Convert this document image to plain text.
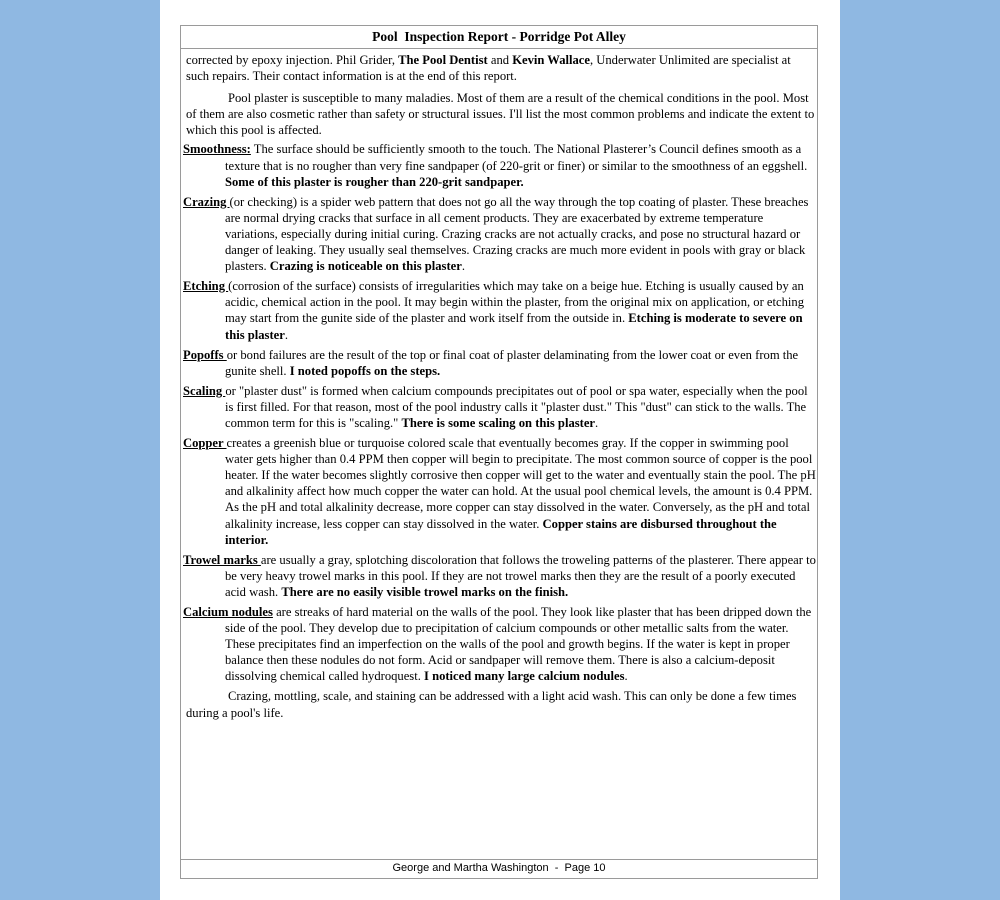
Pool  Inspection Report - Porridge Pot Alley

corrected by epoxy injection. Phil Grider, The Pool Dentist and Kevin Wallace, Underwater Unlimited are specialist at such repairs. Their contact information is at the end of this report.

Pool plaster is susceptible to many maladies. Most of them are a result of the chemical conditions in the pool. Most of them are also cosmetic rather than safety or structural issues. I'll list the most common problems and indicate the extent to which this pool is affected.

Smoothness: The surface should be sufficiently smooth to the touch. The National Plasterer’s Council defines smooth as a texture that is no rougher than very fine sandpaper (of 220-grit or finer) or similar to the smoothness of an eggshell. Some of this plaster is rougher than 220-grit sandpaper.

Crazing (or checking) is a spider web pattern that does not go all the way through the top coating of plaster. These breaches are normal drying cracks that surface in all cement products. They are exacerbated by extreme temperature variations, especially during initial curing. Crazing cracks are not actually cracks, and pose no structural hazard or danger of leaking. They usually seal themselves. Crazing cracks are much more evident in pools with gray or black plasters. Crazing is noticeable on this plaster.

Etching (corrosion of the surface) consists of irregularities which may take on a beige hue. Etching is usually caused by an acidic, chemical action in the pool. It may begin within the plaster, from the original mix on application, or etching may start from the gunite side of the plaster and work itself from the outside in. Etching is moderate to severe on this plaster.

Popoffs or bond failures are the result of the top or final coat of plaster delaminating from the lower coat or even from the gunite shell. I noted popoffs on the steps.

Scaling or "plaster dust" is formed when calcium compounds precipitates out of pool or spa water, especially when the pool is first filled. For that reason, most of the pool industry calls it "plaster dust." This "dust" can stick to the walls. The common term for this is "scaling." There is some scaling on this plaster.

Copper creates a greenish blue or turquoise colored scale that eventually becomes gray. If the copper in swimming pool water gets higher than 0.4 PPM then copper will begin to precipitate. The most common source of copper is the pool heater. If the water becomes slightly corrosive then copper will get to the water and eventually stain the pool. The pH and alkalinity affect how much copper the water can hold. At the usual pool chemical levels, the amount is 0.4 PPM. As the pH and total alkalinity decrease, more copper can stay dissolved in the water. Conversely, as the pH and total alkalinity increase, less copper can stay dissolved in the water. Copper stains are disbursed throughout the interior.

Trowel marks are usually a gray, splotching discoloration that follows the troweling patterns of the plasterer. There appear to be very heavy trowel marks in this pool. If they are not trowel marks then they are the result of a poorly executed acid wash. There are no easily visible trowel marks on the finish.

Calcium nodules are streaks of hard material on the walls of the pool. They look like plaster that has been dripped down the side of the pool. They develop due to precipitation of calcium compounds or other metallic salts from the water. These precipitates find an imperfection on the walls of the pool and growth begins. If the water is kept in proper balance then these nodules do not form. Acid or sandpaper will remove them. There is also a calcium-deposit dissolving chemical called hydroquest. I noticed many large calcium nodules.

Crazing, mottling, scale, and staining can be addressed with a light acid wash. This can only be done a few times during a pool's life.

George and Martha Washington  -  Page 10
